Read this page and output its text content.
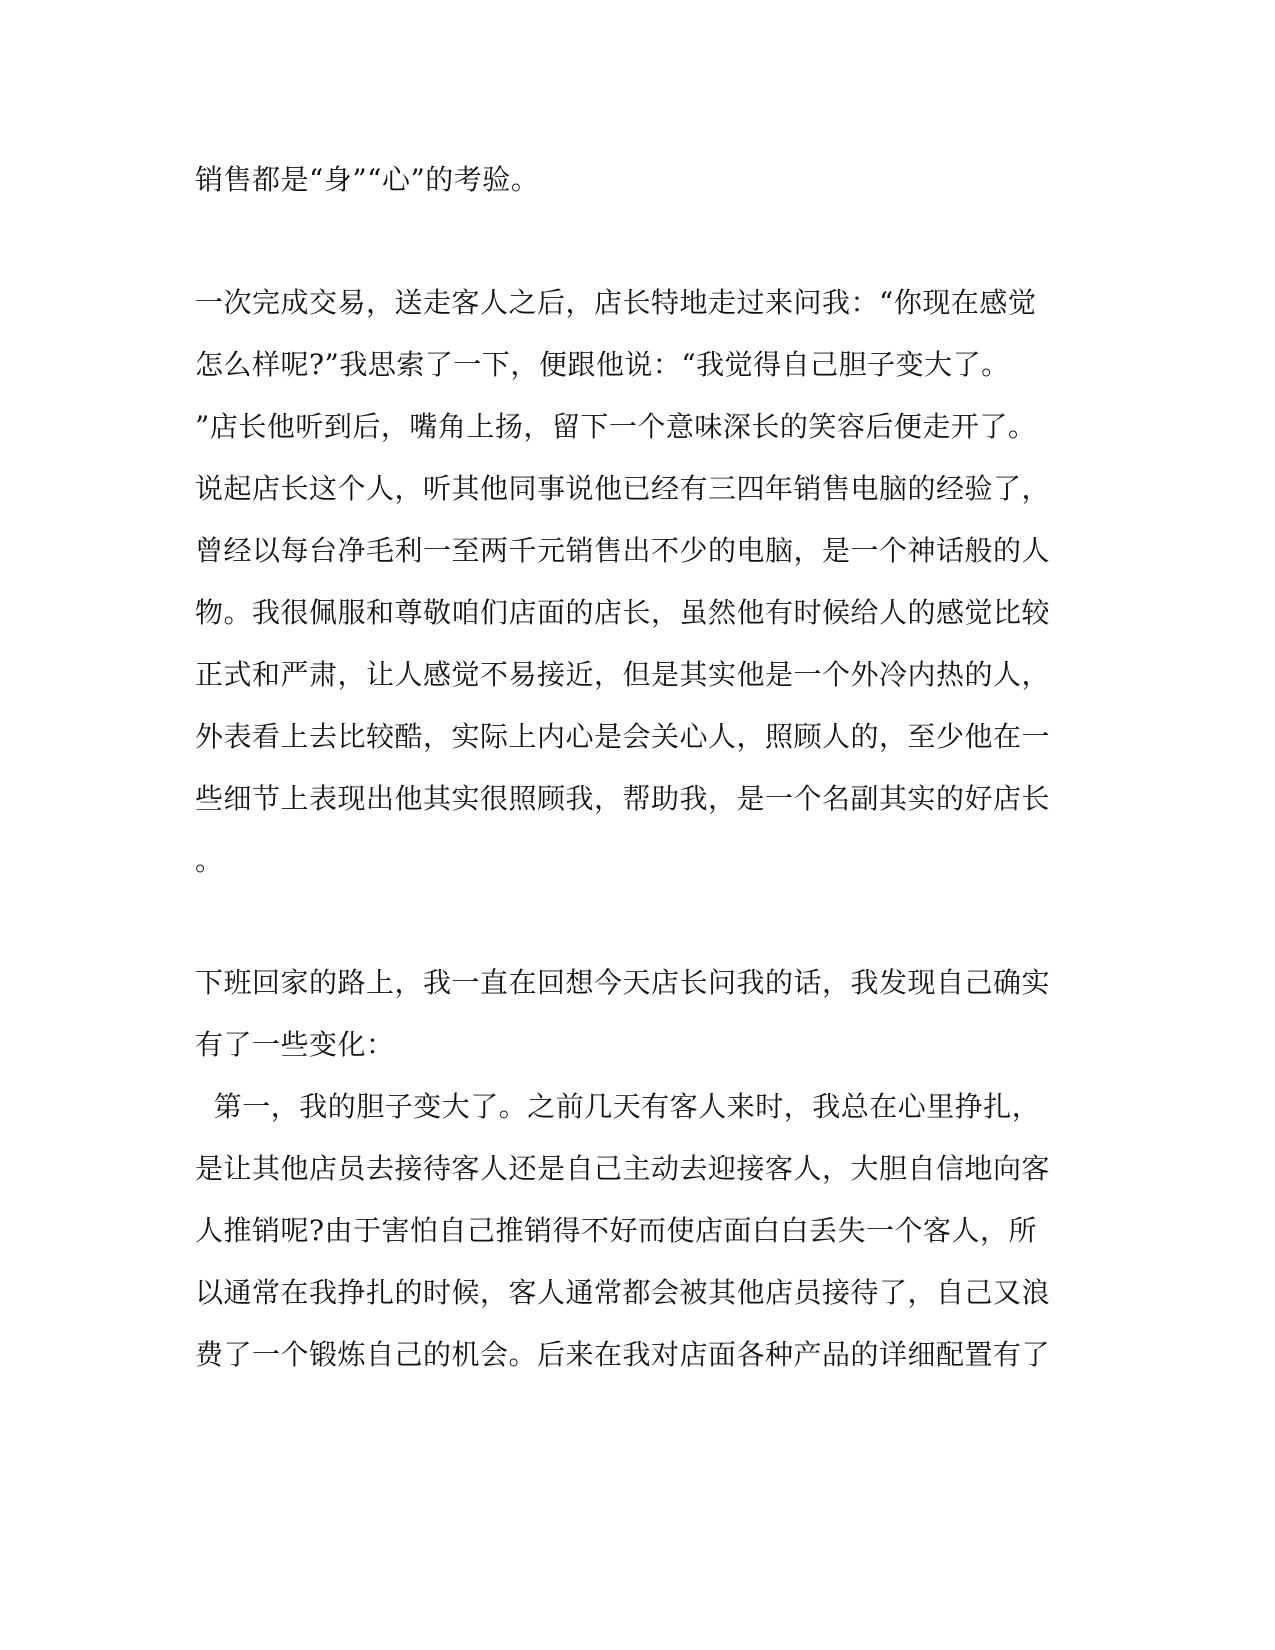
销售都是“身”“心”的考验。
一次完成交易，送走客人之后，店长特地走过来问我：“你现在感觉
怎么样呢?”我思索了一下，便跟他说：“我觉得自己胆子变大了。
”店长他听到后，嘴角上扬，留下一个意味深长的笑容后便走开了。
说起店长这个人，听其他同事说他已经有三四年销售电脑的经验了，
曾经以每台净毛利一至两千元销售出不少的电脑，是一个神话般的人
物。我很佩服和尊敬咱们店面的店长，虽然他有时候给人的感觉比较
正式和严肃，让人感觉不易接近，但是其实他是一个外冷内热的人，
外表看上去比较酷，实际上内心是会关心人，照顾人的，至少他在一
些细节上表现出他其实很照顾我，帮助我，是一个名副其实的好店长
。
下班回家的路上，我一直在回想今天店长问我的话，我发现自己确实
有了一些变化：
第一，我的胆子变大了。之前几天有客人来时，我总在心里挣扎，
是让其他店员去接待客人还是自己主动去迎接客人，大胆自信地向客
人推销呢?由于害怕自己推销得不好而使店面白白丢失一个客人，所
以通常在我挣扎的时候，客人通常都会被其他店员接待了，自己又浪
费了一个锻炼自己的机会。后来在我对店面各种产品的详细配置有了
